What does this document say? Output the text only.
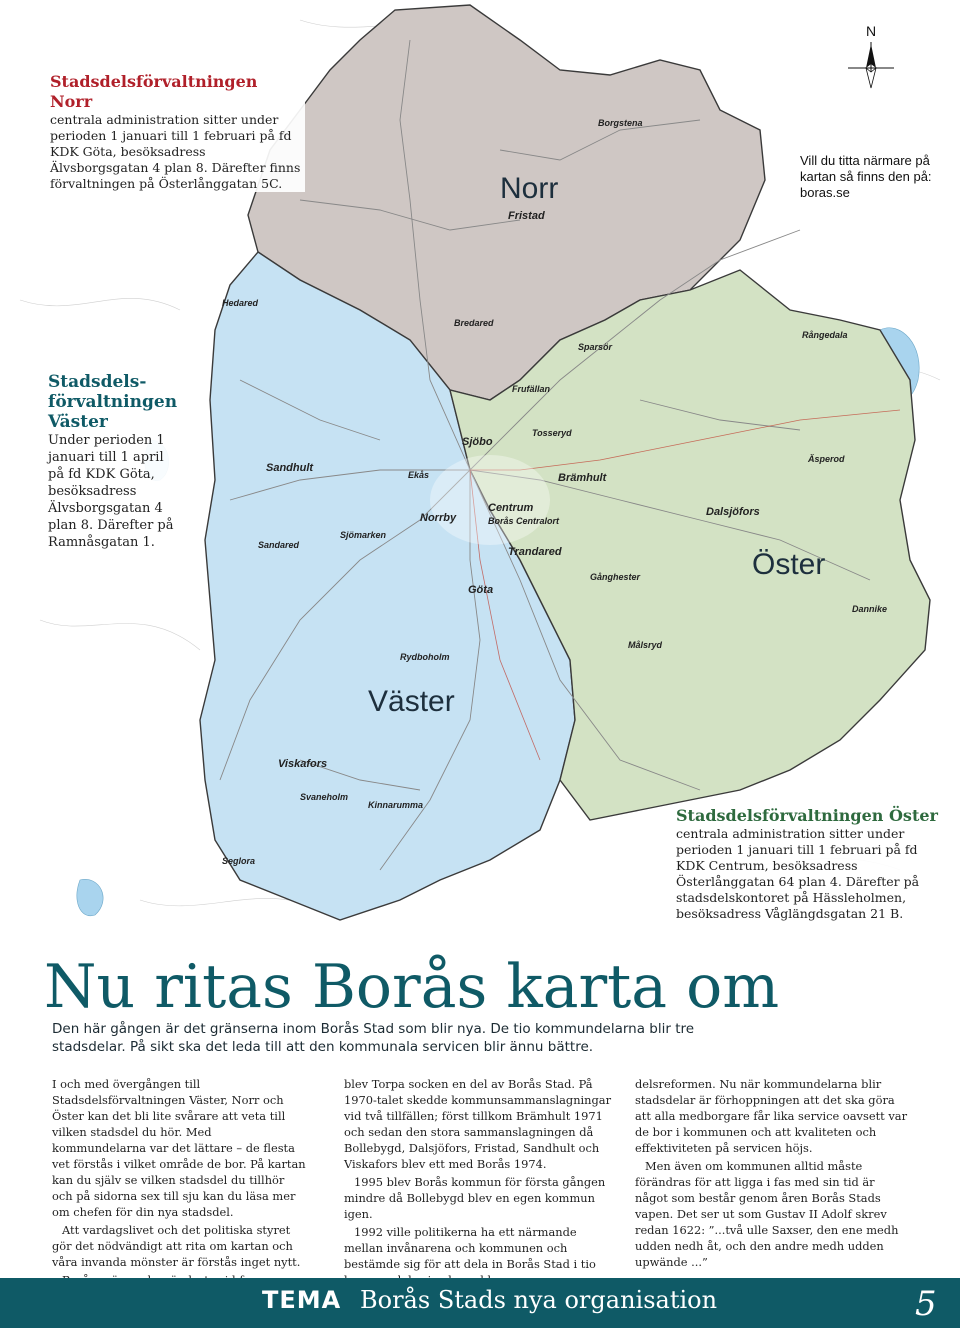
N
Norr
Väster
Öster
Fristad
Sandhult
Sjöbo
Centrum
Borås Centralort
Norrby
Göta
Brämhult
Trandared
Dalsjöfors
Viskafors
Hedared
Sandared
Ekås
Sjömarken
Rydboholm
Svaneholm
Tosseryd
Äsperod
Sparsör
Borgstena
Gånghester
Målsryd
Dannike
Kinnarumma
Seglora
Frufällan
Bredared
Rångedala
Vill du titta närmare på kartan så finns den på: boras.se
Stadsdelsförvaltningen Norr

centrala administration sitter under perioden 1 januari till 1 februari på fd KDK Göta, besöksadress Älvsborgsgatan 4 plan 8. Därefter finns förvaltningen på Österlånggatan 5C.

Stadsdels-
förvaltningen
Väster

Under perioden 1 januari till 1 april på fd KDK Göta, besöksadress Älvsborgsgatan 4 plan 8. Därefter på Ramnåsgatan 1.

Stadsdelsförvaltningen Öster

centrala administration sitter under perioden 1 januari till 1 februari på fd KDK Centrum, besöksadress Österlånggatan 64 plan 4. Därefter på stadsdelskontoret på Hässleholmen, besöksadress Våglängdsgatan 21 B.

Nu ritas Borås karta om
Den här gången är det gränserna inom Borås Stad som blir nya. De tio kommundelarna blir tre stadsdelar. På sikt ska det leda till att den kommunala servicen blir ännu bättre.

I och med övergången till Stadsdelsförvaltningen Väster, Norr och Öster kan det bli lite svårare att veta till vilken stadsdel du hör. Med kommundelarna var det lättare – de flesta vet förstås i vilket område de bor. På kartan kan du själv se vilken stadsdel du tillhör och på sidorna sex till sju kan du läsa mer om chefen för din nya stadsdel.

Att vardagslivet och det politiska styret gör det nödvändigt att rita om kartan och våra invanda mönster är förstås inget nytt.

blev Torpa socken en del av Borås Stad. På 1970-talet skedde kommunsammanslagningar vid två tillfällen; först tillkom Brämhult 1971 och sedan den stora sammanslagningen då Bollebygd, Dalsjöfors, Fristad, Sandhult och Viskafors blev ett med Borås 1974.

1995 blev Borås kommun för första gången mindre då Bollebygd blev en egen kommun igen.

1992 ville politikerna ha ett närmande mellan invånarena och kommunen och bestämde sig för att dela in Borås Stad i tio

delsreformen. Nu när kommundelarna blir stadsdelar är förhoppningen att det ska göra att alla medborgare får lika service oavsett var de bor i kommunen och att kvaliteten och effektiviteten på servicen höjs.

Men även om kommunen alltid måste förändras för att ligga i fas med sin tid är något som består genom åren Borås Stads vapen. Det ser ut som Gustav II Adolf skrev redan 1622: ”...två ulle Saxser, den ene medh udden nedh åt, och den andre medh udden upwände ...”

TEMA Borås Stads nya organisation	5
